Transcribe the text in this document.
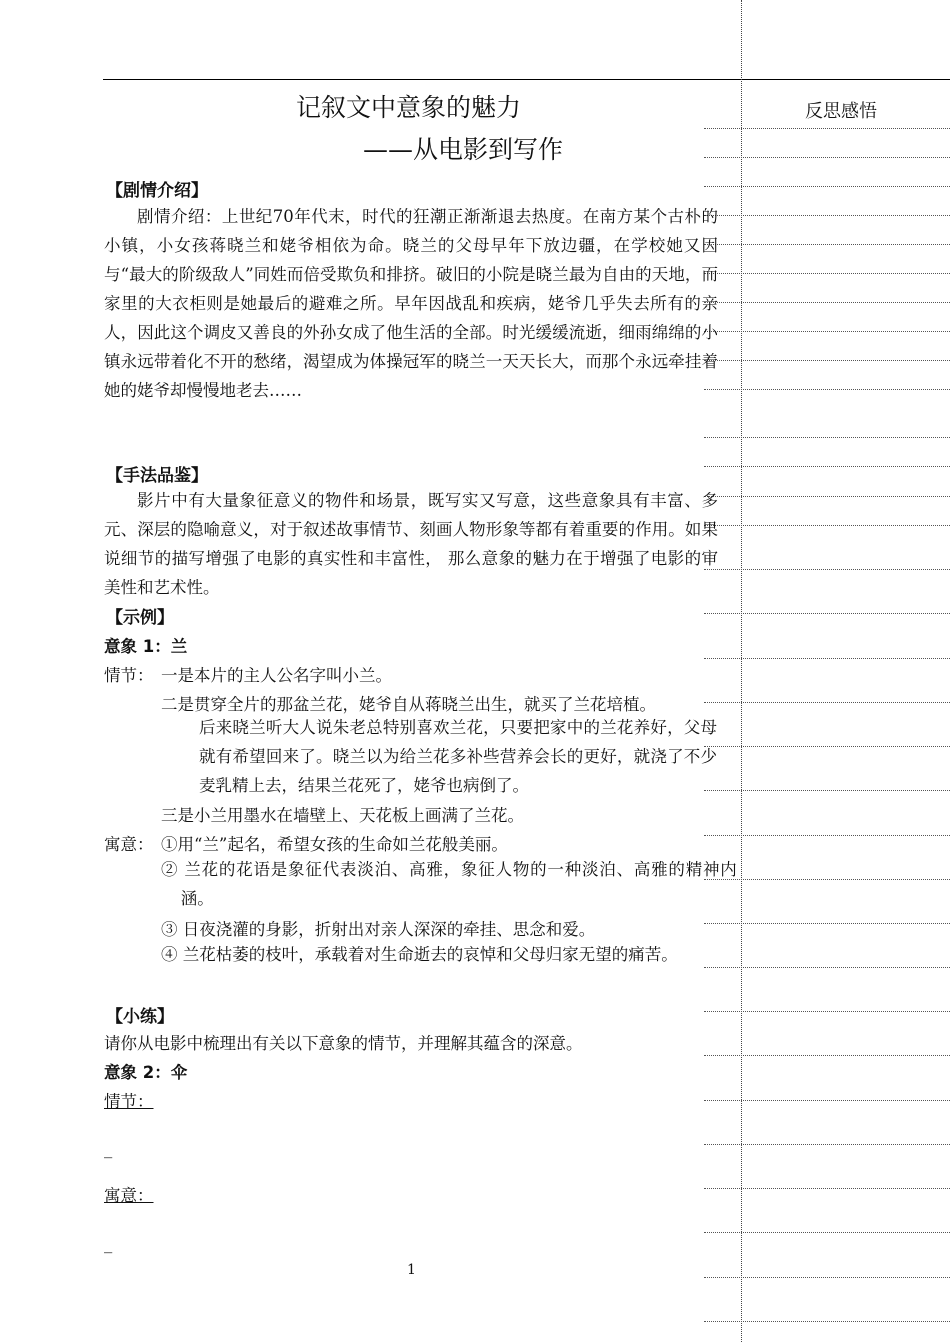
反思感悟
记叙文中意象的魅力
——从电影到写作
【剧情介绍】

剧情介绍：上世纪70年代末，时代的狂潮正渐渐退去热度。在南方某个古朴的小镇，小女孩蒋晓兰和姥爷相依为命。晓兰的父母早年下放边疆，在学校她又因与“最大的阶级敌人”同姓而倍受欺负和排挤。破旧的小院是晓兰最为自由的天地，而家里的大衣柜则是她最后的避难之所。早年因战乱和疾病，姥爷几乎失去所有的亲人，因此这个调皮又善良的外孙女成了他生活的全部。时光缓缓流逝，细雨绵绵的小镇永远带着化不开的愁绪，渴望成为体操冠军的晓兰一天天长大，而那个永远牵挂着她的姥爷却慢慢地老去……

【手法品鉴】

影片中有大量象征意义的物件和场景，既写实又写意，这些意象具有丰富、多元、深层的隐喻意义，对于叙述故事情节、刻画人物形象等都有着重要的作用。如果说细节的描写增强了电影的真实性和丰富性， 那么意象的魅力在于增强了电影的审美性和艺术性。

【示例】
意象 1：兰
情节： 一是本片的主人公名字叫小兰。
二是贯穿全片的那盆兰花，姥爷自从蒋晓兰出生，就买了兰花培植。

后来晓兰听大人说朱老总特别喜欢兰花，只要把家中的兰花养好，父母就有希望回来了。晓兰以为给兰花多补些营养会长的更好，就浇了不少麦乳精上去，结果兰花死了，姥爷也病倒了。

三是小兰用墨水在墙壁上、天花板上画满了兰花。
寓意： ①用“兰”起名，希望女孩的生命如兰花般美丽。

② 兰花的花语是象征代表淡泊、高雅，象征人物的一种淡泊、高雅的精神内涵。

③ 日夜浇灌的身影，折射出对亲人深深的牵挂、思念和爱。

④ 兰花枯萎的枝叶，承载着对生命逝去的哀悼和父母归家无望的痛苦。

【小练】
请你从电影中梳理出有关以下意象的情节，并理解其蕴含的深意。
意象 2：伞
情节：
_
寓意：
_
1
